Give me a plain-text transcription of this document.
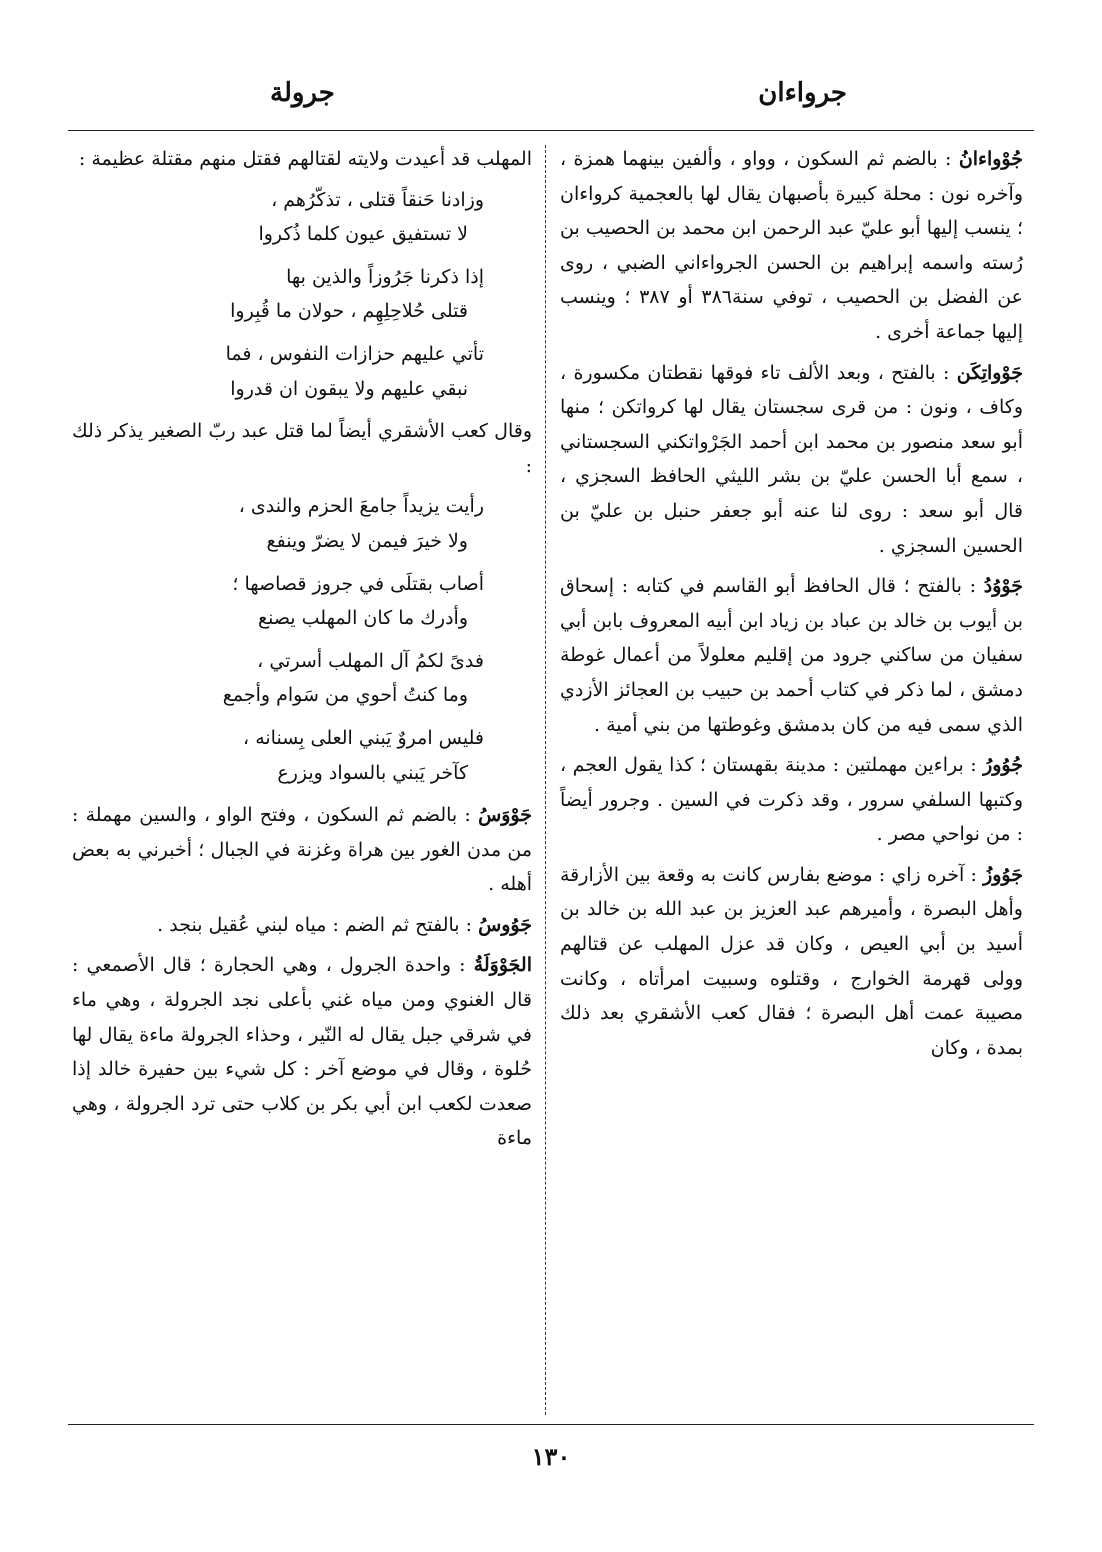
جرواءان
جرولة

جُوْواءانُ : بالضم ثم السكون ، وواو ، وألفين بينهما همزة ، وآخره نون : محلة كبيرة بأصبهان يقال لها بالعجمية كرواءان ؛ ينسب إليها أبو عليّ عبد الرحمن ابن محمد بن الحصيب بن رُسته واسمه إبراهيم بن الحسن الجرواءاني الضبي ، روى عن الفضل بن الحصيب ، توفي سنة٣٨٦ أو ٣٨٧ ؛ وينسب إليها جماعة أخرى .

جَوْواتِكَن : بالفتح ، وبعد الألف تاء فوقها نقطتان مكسورة ، وكاف ، ونون : من قرى سجستان يقال لها كرواتكن ؛ منها أبو سعد منصور بن محمد ابن أحمد الجَرْواتكني السجستاني ، سمع أبا الحسن عليّ بن بشر الليثي الحافظ السجزي ، قال أبو سعد : روى لنا عنه أبو جعفر حنبل بن عليّ بن الحسين السجزي .

جَوْوُدُ : بالفتح ؛ قال الحافظ أبو القاسم في كتابه : إسحاق بن أيوب بن خالد بن عباد بن زياد ابن أبيه المعروف بابن أبي سفيان من ساكني جرود من إقليم معلولاً من أعمال غوطة دمشق ، لما ذكر في كتاب أحمد بن حبيب بن العجائز الأزدي الذي سمى فيه من كان بدمشق وغوطتها من بني أمية .

جُوُورُ : براءين مهملتين : مدينة بقهستان ؛ كذا يقول العجم ، وكتبها السلفي سرور ، وقد ذكرت في السين . وجرور أيضاً : من نواحي مصر .

جَوُوزُ : آخره زاي : موضع بفارس كانت به وقعة بين الأزارقة وأهل البصرة ، وأميرهم عبد العزيز بن عبد الله بن خالد بن أسيد بن أبي العيص ، وكان قد عزل المهلب عن قتالهم وولى قهرمة الخوارج ، وقتلوه وسبيت امرأتاه ، وكانت مصيبة عمت أهل البصرة ؛ فقال كعب الأشقري بعد ذلك بمدة ، وكان

المهلب قد أعيدت ولايته لقتالهم فقتل منهم مقتلة عظيمة :

وزادنا حَنقاً قتلى ، تذكّرُهم ،
لا تستفيق عيون كلما ذُكروا
إذا ذكرنا جَرُوزاً والذين بها
قتلى حُلاحِلِهِم ، حولان ما قُبِروا
تأتي عليهم حزازات النفوس ، فما
نبقي عليهم ولا يبقون ان قدروا

وقال كعب الأشقري أيضاً لما قتل عبد ربّ الصغير يذكر ذلك :

رأيت يزيداً جامعَ الحزم والندى ،
ولا خيرَ فيمن لا يضرّ وينفع
أصاب بقتلَى في جروز قصاصها ؛
وأدرك ما كان المهلب يصنع
فدىً لكمُ آل المهلب أسرتي ،
وما كنتُ أحوي من سَوام وأجمع
فليس امروٌ يَبني العلى بِسنانه ،
كآخر يَبني بالسواد ويزرع

جَوْوَسُ : بالضم ثم السكون ، وفتح الواو ، والسين مهملة : من مدن الغور بين هراة وغزنة في الجبال ؛ أخبرني به بعض أهله .

جَوُوسُ : بالفتح ثم الضم : مياه لبني عُقيل بنجد .

الجَوْوَلَةُ : واحدة الجرول ، وهي الحجارة ؛ قال الأصمعي : قال الغنوي ومن مياه غني بأعلى نجد الجرولة ، وهي ماء في شرقي جبل يقال له النّير ، وحذاء الجرولة ماءة يقال لها حُلوة ، وقال في موضع آخر : كل شيء بين حفيرة خالد إذا صعدت لكعب ابن أبي بكر بن كلاب حتى ترد الجرولة ، وهي ماءة

١٣٠
